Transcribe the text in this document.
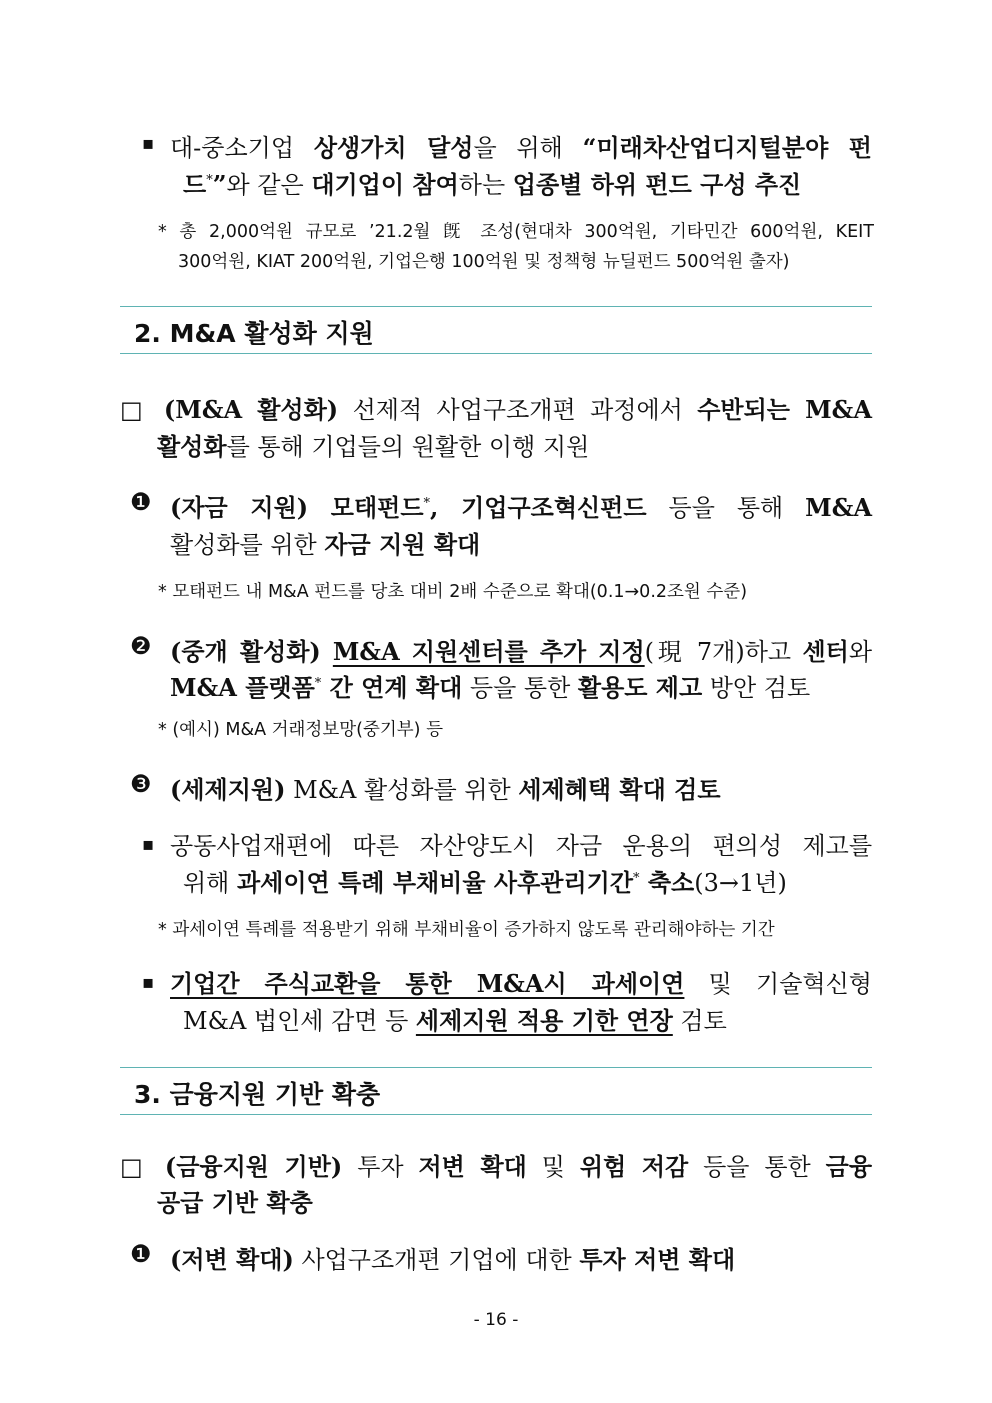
▪ 대-중소기업 상생가치 달성을 위해 “미래차산업디지털분야 펀
드*”와 같은 대기업이 참여하는 업종별 하위 펀드 구성 추진
* 총 2,000억원 규모로 ’21.2월 旣 조성(현대차 300억원, 기타민간 600억원, KEIT
300억원, KIAT 200억원, 기업은행 100억원 및 정책형 뉴딜펀드 500억원 출자)
2. M&A 활성화 지원
□ (M&A 활성화) 선제적 사업구조개편 과정에서 수반되는 M&A
활성화를 통해 기업들의 원활한 이행 지원
❶ (자금 지원) 모태펀드*, 기업구조혁신펀드 등을 통해 M&A
활성화를 위한 자금 지원 확대
* 모태펀드 내 M&A 펀드를 당초 대비 2배 수준으로 확대(0.1→0.2조원 수준)
❷ (중개 활성화) M&A 지원센터를 추가 지정(現 7개)하고 센터와
M&A 플랫폼* 간 연계 확대 등을 통한 활용도 제고 방안 검토
* (예시) M&A 거래정보망(중기부) 등
❸ (세제지원) M&A 활성화를 위한 세제혜택 확대 검토
▪ 공동사업재편에 따른 자산양도시 자금 운용의 편의성 제고를
위해 과세이연 특례 부채비율 사후관리기간* 축소(3→1년)
* 과세이연 특례를 적용받기 위해 부채비율이 증가하지 않도록 관리해야하는 기간
▪ 기업간 주식교환을 통한 M&A시 과세이연 및 기술혁신형
M&A 법인세 감면 등 세제지원 적용 기한 연장 검토
3. 금융지원 기반 확충
□ (금융지원 기반) 투자 저변 확대 및 위험 저감 등을 통한 금융
공급 기반 확충
❶ (저변 확대) 사업구조개편 기업에 대한 투자 저변 확대
- 16 -
